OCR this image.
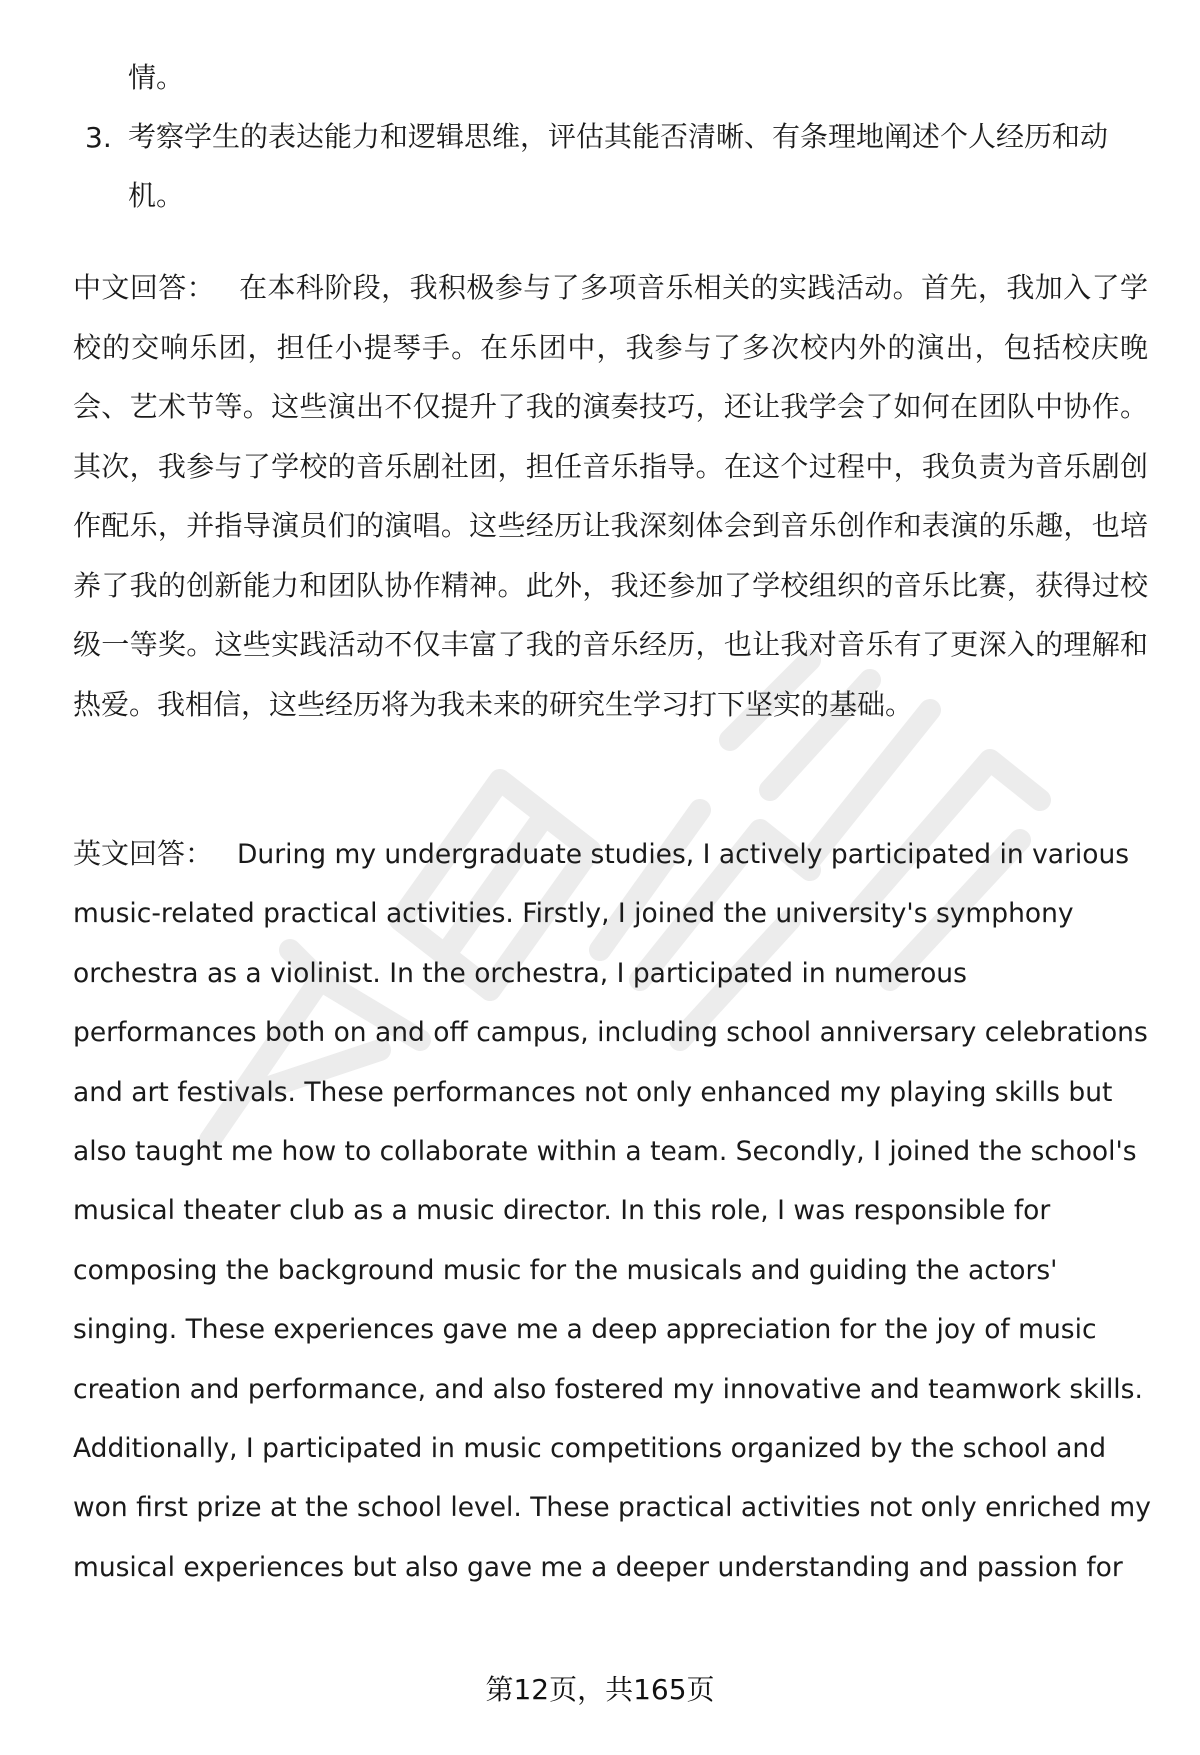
情。
3. 考察学生的表达能力和逻辑思维，评估其能否清晰、有条理地阐述个人经历和动机。
中文回答： 在本科阶段，我积极参与了多项音乐相关的实践活动。首先，我加入了学校的交响乐团，担任小提琴手。在乐团中，我参与了多次校内外的演出，包括校庆晚会、艺术节等。这些演出不仅提升了我的演奏技巧，还让我学会了如何在团队中协作。其次，我参与了学校的音乐剧社团，担任音乐指导。在这个过程中，我负责为音乐剧创作配乐，并指导演员们的演唱。这些经历让我深刻体会到音乐创作和表演的乐趣，也培养了我的创新能力和团队协作精神。此外，我还参加了学校组织的音乐比赛，获得过校级一等奖。这些实践活动不仅丰富了我的音乐经历，也让我对音乐有了更深入的理解和热爱。我相信，这些经历将为我未来的研究生学习打下坚实的基础。
英文回答： During my undergraduate studies, I actively participated in various music-related practical activities. Firstly, I joined the university's symphony orchestra as a violinist. In the orchestra, I participated in numerous performances both on and off campus, including school anniversary celebrations and art festivals. These performances not only enhanced my playing skills but also taught me how to collaborate within a team. Secondly, I joined the school's musical theater club as a music director. In this role, I was responsible for composing the background music for the musicals and guiding the actors' singing. These experiences gave me a deep appreciation for the joy of music creation and performance, and also fostered my innovative and teamwork skills. Additionally, I participated in music competitions organized by the school and won first prize at the school level. These practical activities not only enriched my musical experiences but also gave me a deeper understanding and passion for
第12页，共165页
